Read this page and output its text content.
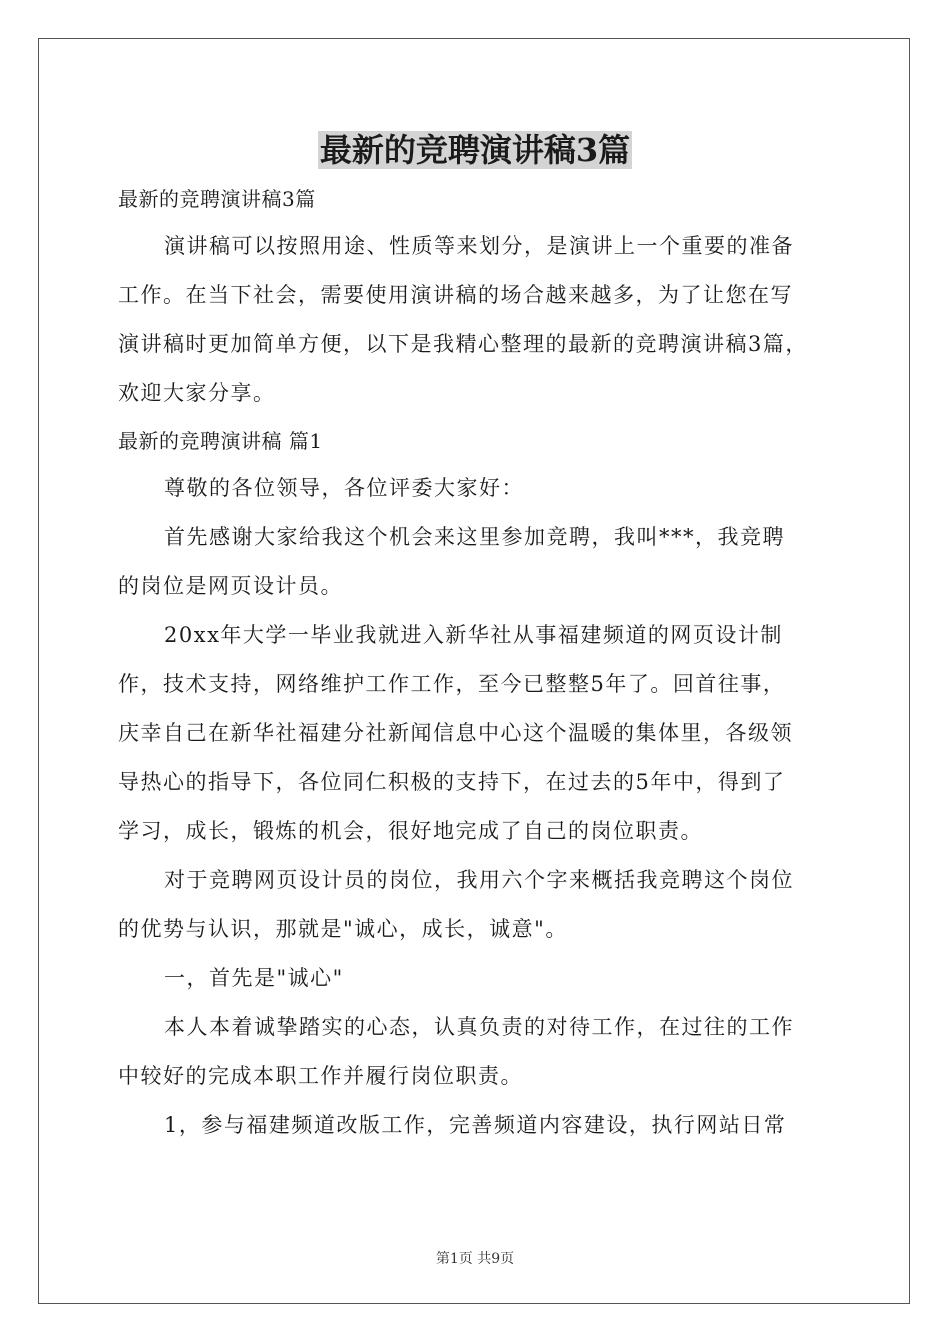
最新的竞聘演讲稿3篇
最新的竞聘演讲稿3篇
演讲稿可以按照用途、性质等来划分，是演讲上一个重要的准备
工作。在当下社会，需要使用演讲稿的场合越来越多，为了让您在写
演讲稿时更加简单方便，以下是我精心整理的最新的竞聘演讲稿3篇，
欢迎大家分享。
最新的竞聘演讲稿 篇1
尊敬的各位领导，各位评委大家好：
首先感谢大家给我这个机会来这里参加竞聘，我叫***，我竞聘
的岗位是网页设计员。
20xx年大学一毕业我就进入新华社从事福建频道的网页设计制
作，技术支持，网络维护工作工作，至今已整整5年了。回首往事，
庆幸自己在新华社福建分社新闻信息中心这个温暖的集体里，各级领
导热心的指导下，各位同仁积极的支持下，在过去的5年中，得到了
学习，成长，锻炼的机会，很好地完成了自己的岗位职责。
对于竞聘网页设计员的岗位，我用六个字来概括我竞聘这个岗位
的优势与认识，那就是"诚心，成长，诚意"。
一，首先是"诚心"
本人本着诚挚踏实的心态，认真负责的对待工作，在过往的工作
中较好的完成本职工作并履行岗位职责。
1，参与福建频道改版工作，完善频道内容建设，执行网站日常
第1页 共9页
